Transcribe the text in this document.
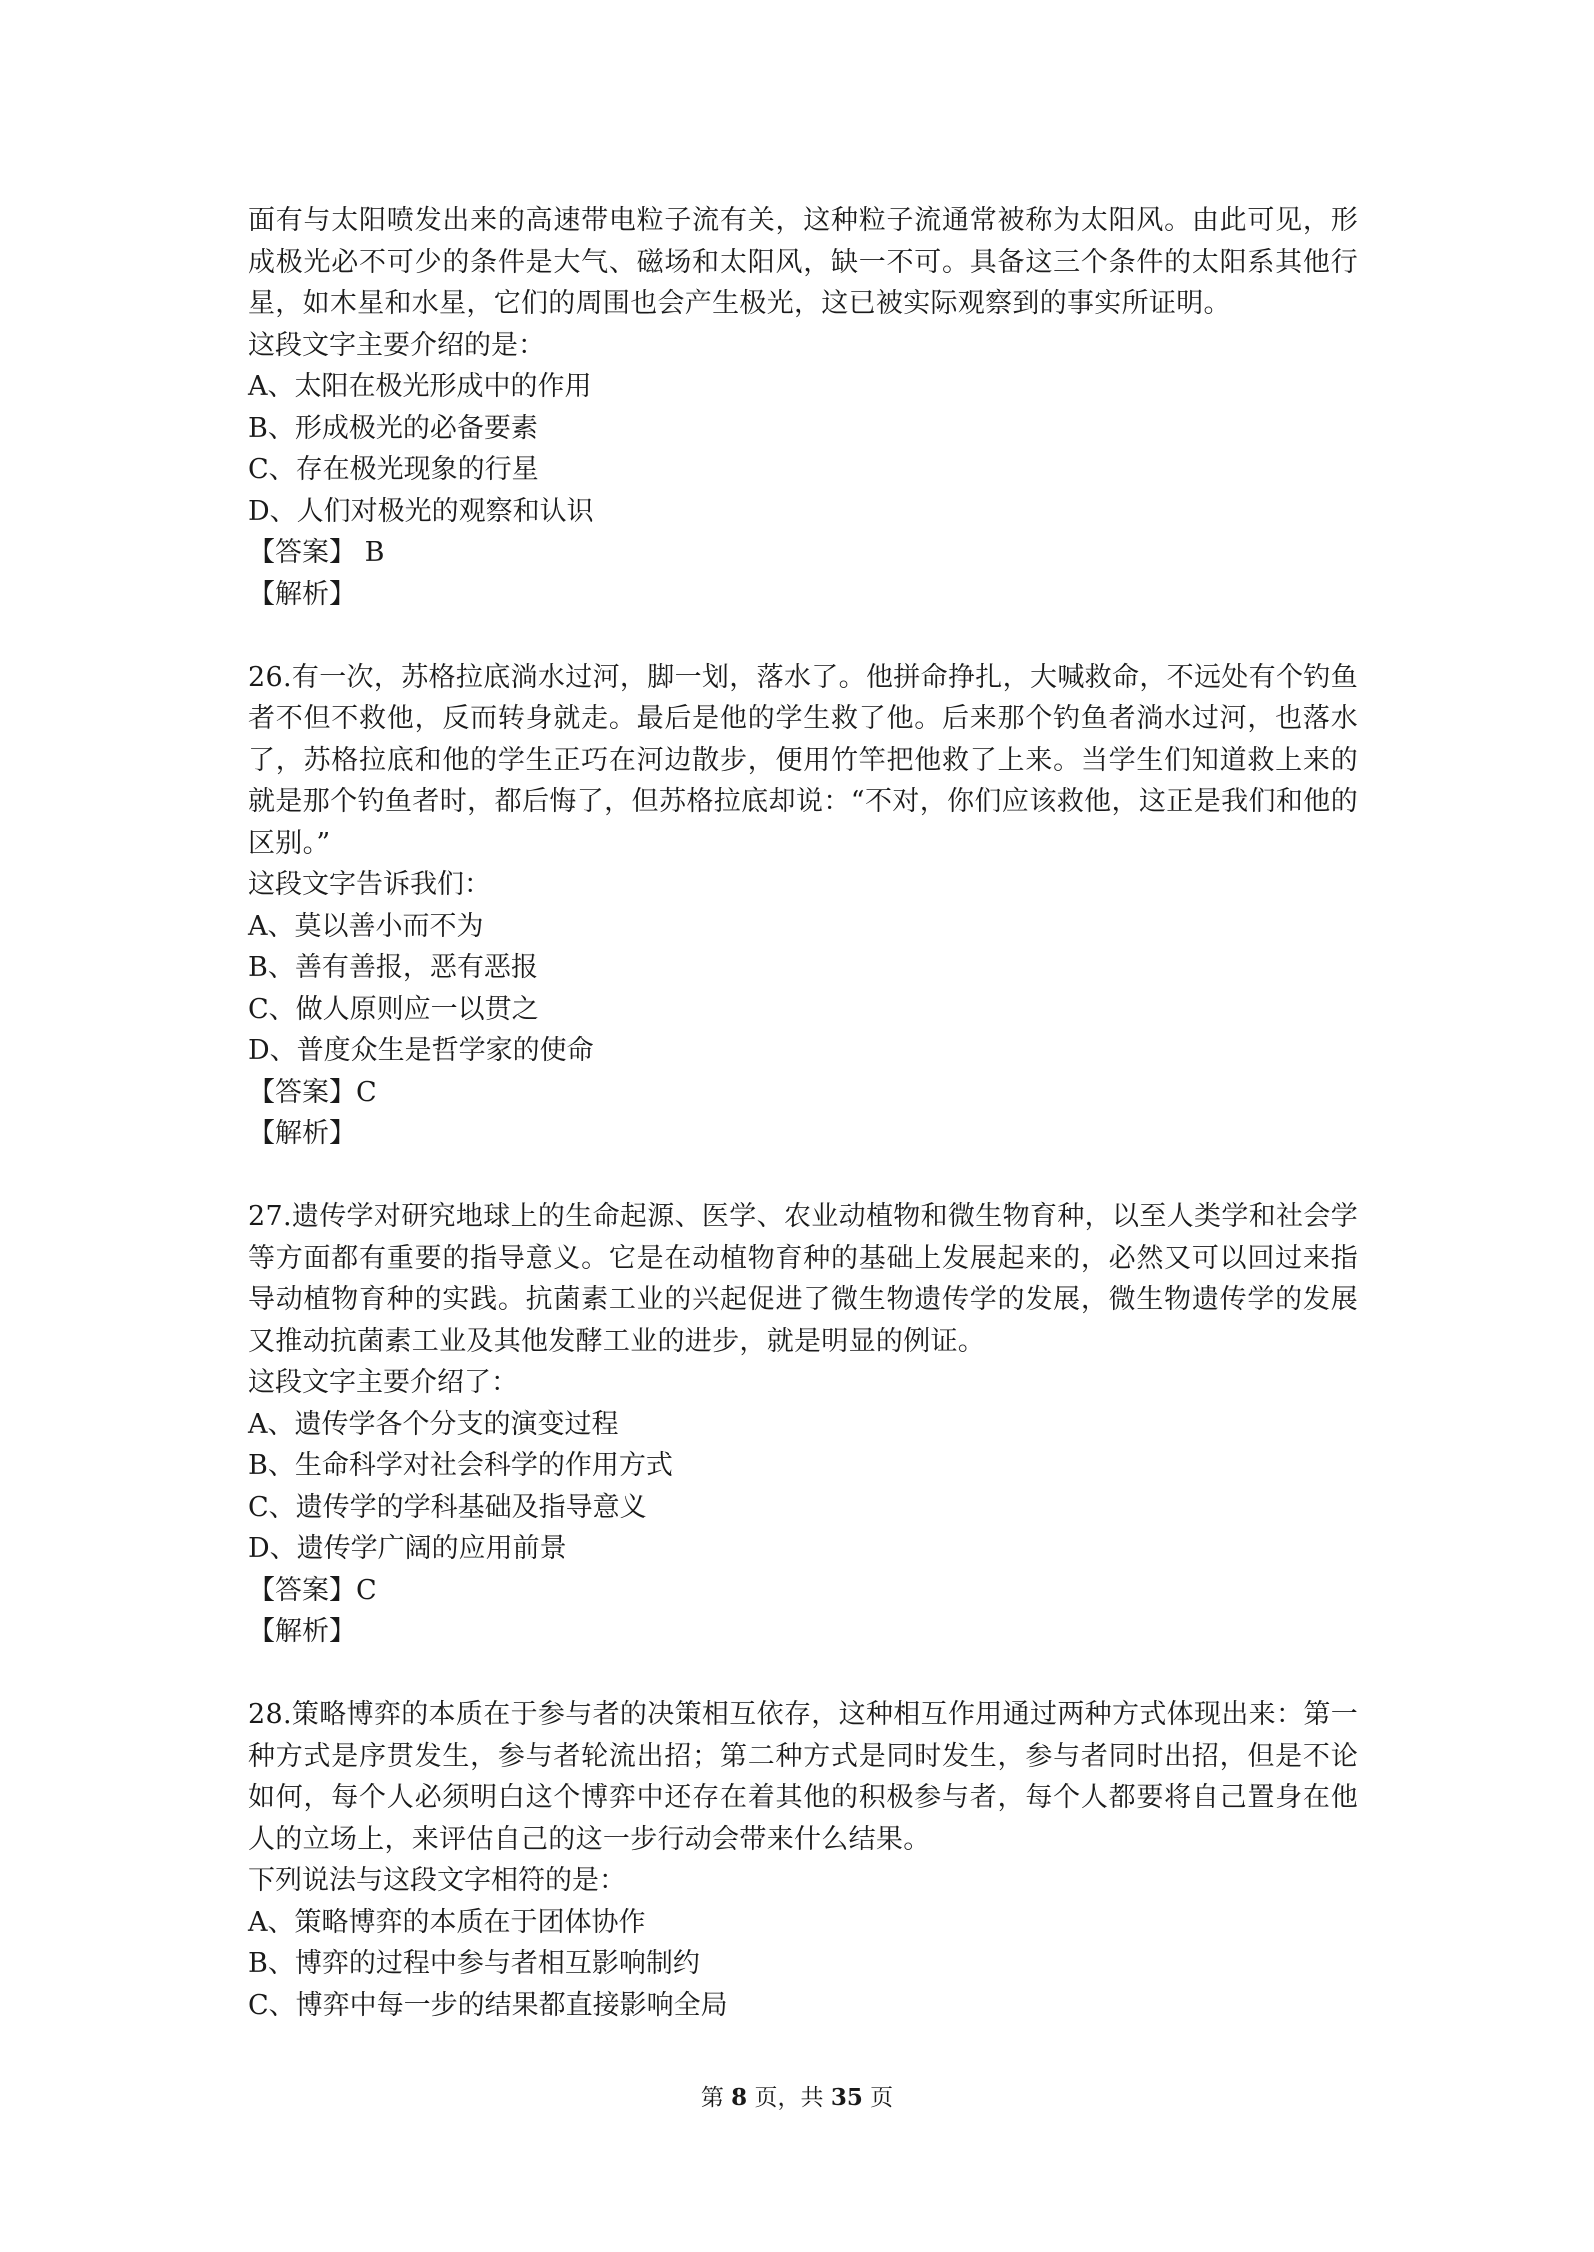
面有与太阳喷发出来的高速带电粒子流有关，这种粒子流通常被称为太阳风。由此可见，形成极光必不可少的条件是大气、磁场和太阳风，缺一不可。具备这三个条件的太阳系其他行星，如木星和水星，它们的周围也会产生极光，这已被实际观察到的事实所证明。

这段文字主要介绍的是：

A、太阳在极光形成中的作用

B、形成极光的必备要素

C、存在极光现象的行星

D、人们对极光的观察和认识

【答案】 B

【解析】

26.有一次，苏格拉底淌水过河，脚一划，落水了。他拼命挣扎，大喊救命，不远处有个钓鱼者不但不救他，反而转身就走。最后是他的学生救了他。后来那个钓鱼者淌水过河，也落水了，苏格拉底和他的学生正巧在河边散步，便用竹竿把他救了上来。当学生们知道救上来的就是那个钓鱼者时，都后悔了，但苏格拉底却说：“不对，你们应该救他，这正是我们和他的区别。”

这段文字告诉我们：

A、莫以善小而不为

B、善有善报，恶有恶报

C、做人原则应一以贯之

D、普度众生是哲学家的使命

【答案】C

【解析】

27.遗传学对研究地球上的生命起源、医学、农业动植物和微生物育种，以至人类学和社会学等方面都有重要的指导意义。它是在动植物育种的基础上发展起来的，必然又可以回过来指导动植物育种的实践。抗菌素工业的兴起促进了微生物遗传学的发展，微生物遗传学的发展又推动抗菌素工业及其他发酵工业的进步，就是明显的例证。

这段文字主要介绍了：

A、遗传学各个分支的演变过程

B、生命科学对社会科学的作用方式

C、遗传学的学科基础及指导意义

D、遗传学广阔的应用前景

【答案】C

【解析】

28.策略博弈的本质在于参与者的决策相互依存，这种相互作用通过两种方式体现出来：第一种方式是序贯发生，参与者轮流出招；第二种方式是同时发生，参与者同时出招，但是不论如何，每个人必须明白这个博弈中还存在着其他的积极参与者，每个人都要将自己置身在他人的立场上，来评估自己的这一步行动会带来什么结果。

下列说法与这段文字相符的是：

A、策略博弈的本质在于团体协作

B、博弈的过程中参与者相互影响制约

C、博弈中每一步的结果都直接影响全局

第 8 页，共 35 页
